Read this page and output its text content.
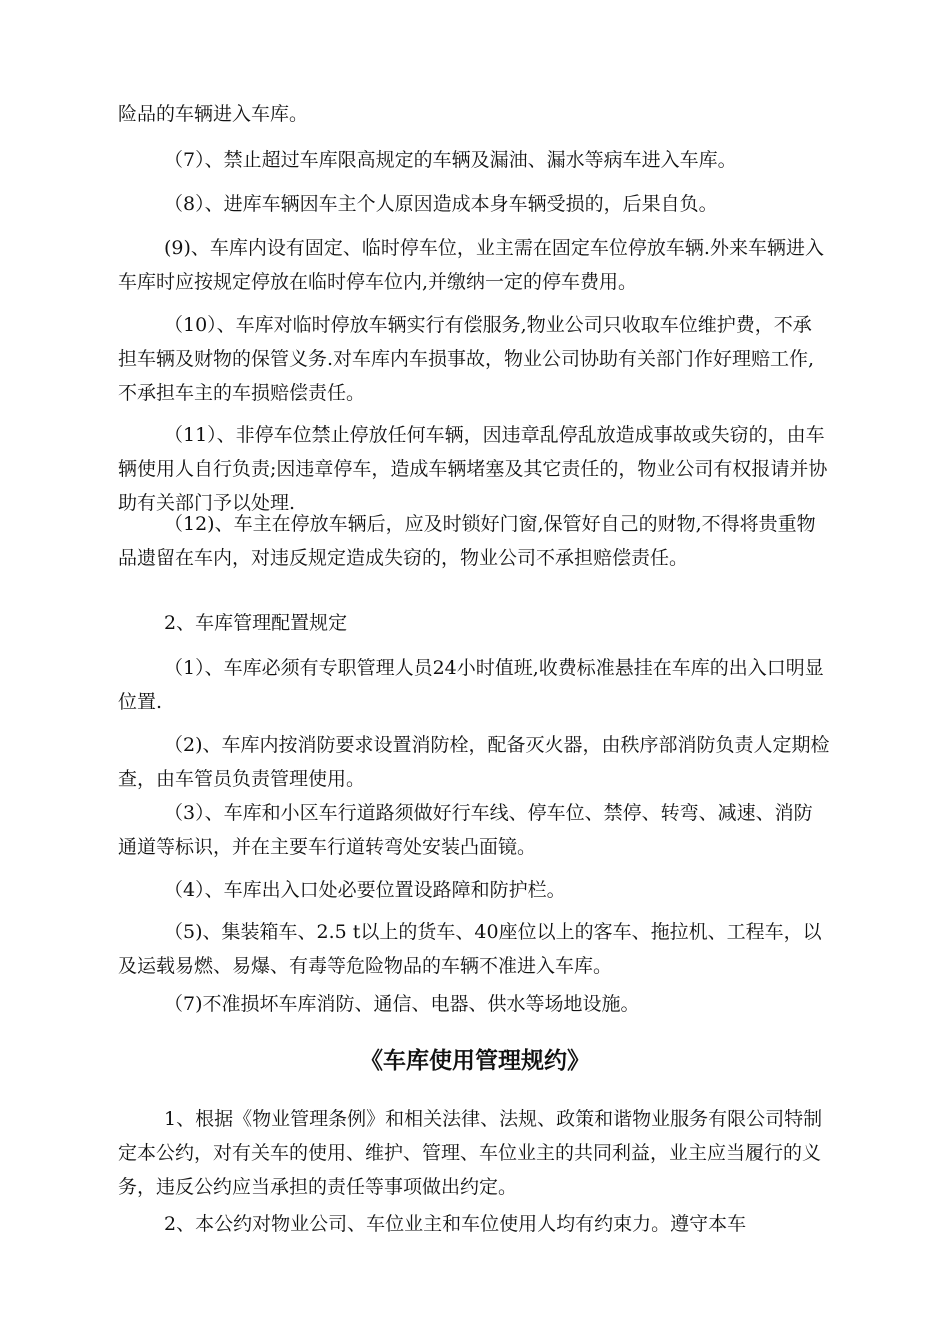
险品的车辆进入车库。

（7）、禁止超过车库限高规定的车辆及漏油、漏水等病车进入车库。

（8）、进库车辆因车主个人原因造成本身车辆受损的，后果自负。

(9)、车库内设有固定、临时停车位，业主需在固定车位停放车辆.外来车辆进入车库时应按规定停放在临时停车位内,并缴纳一定的停车费用。

（10）、车库对临时停放车辆实行有偿服务,物业公司只收取车位维护费，不承担车辆及财物的保管义务.对车库内车损事故，物业公司协助有关部门作好理赔工作,不承担车主的车损赔偿责任。

（11）、非停车位禁止停放任何车辆，因违章乱停乱放造成事故或失窃的，由车辆使用人自行负责;因违章停车，造成车辆堵塞及其它责任的，物业公司有权报请并协助有关部门予以处理.

（12)、车主在停放车辆后，应及时锁好门窗,保管好自己的财物,不得将贵重物品遗留在车内，对违反规定造成失窃的，物业公司不承担赔偿责任。

2、车库管理配置规定

（1）、车库必须有专职管理人员24小时值班,收费标准悬挂在车库的出入口明显位置.

（2)、车库内按消防要求设置消防栓，配备灭火器，由秩序部消防负责人定期检查，由车管员负责管理使用。

（3）、车库和小区车行道路须做好行车线、停车位、禁停、转弯、减速、消防通道等标识，并在主要车行道转弯处安装凸面镜。

（4）、车库出入口处必要位置设路障和防护栏。

（5)、集装箱车、2.5 t以上的货车、40座位以上的客车、拖拉机、工程车，以及运载易燃、易爆、有毒等危险物品的车辆不准进入车库。

（7)不准损坏车库消防、通信、电器、供水等场地设施。

《车库使用管理规约》

1、根据《物业管理条例》和相关法律、法规、政策和谐物业服务有限公司特制定本公约，对有关车的使用、维护、管理、车位业主的共同利益，业主应当履行的义务，违反公约应当承担的责任等事项做出约定。

2、本公约对物业公司、车位业主和车位使用人均有约束力。遵守本车
